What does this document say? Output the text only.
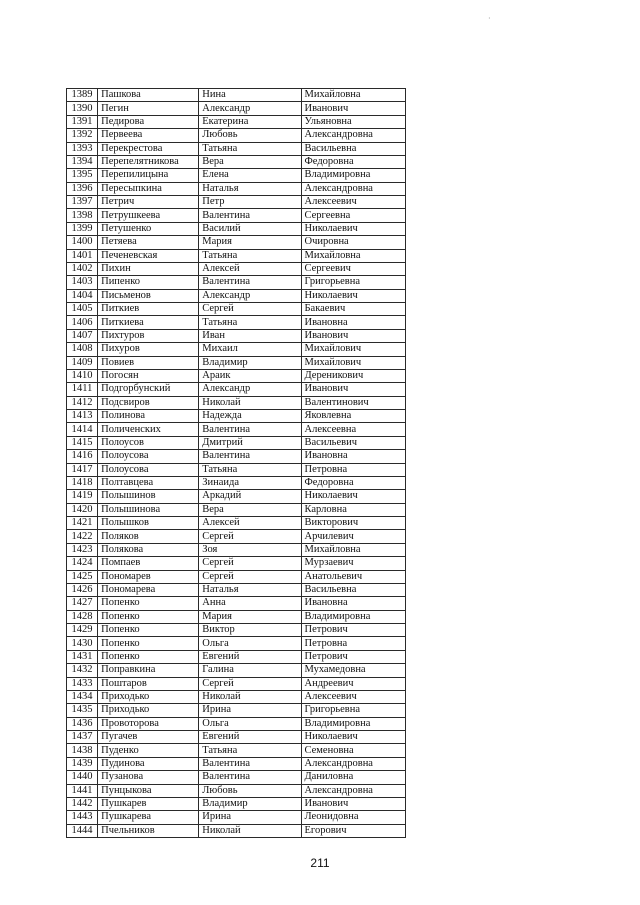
·
1389	Пашкова	Нина	Михайловна
1390	Пегин	Александр	Иванович
1391	Педирова	Екатерина	Ульяновна
1392	Первеева	Любовь	Александровна
1393	Перекрестова	Татьяна	Васильевна
1394	Перепелятникова	Вера	Федоровна
1395	Перепилицына	Елена	Владимировна
1396	Пересыпкина	Наталья	Александровна
1397	Петрич	Петр	Алексеевич
1398	Петрушкеева	Валентина	Сергеевна
1399	Петушенко	Василий	Николаевич
1400	Петяева	Мария	Очировна
1401	Печеневская	Татьяна	Михайловна
1402	Пихин	Алексей	Сергеевич
1403	Пипенко	Валентина	Григорьевна
1404	Письменов	Александр	Николаевич
1405	Питкиев	Сергей	Бакаевич
1406	Питкиева	Татьяна	Ивановна
1407	Пихтуров	Иван	Иванович
1408	Пихуров	Михаил	Михайлович
1409	Повиев	Владимир	Михайлович
1410	Погосян	Араик	Дереникович
1411	Подгорбунский	Александр	Иванович
1412	Подсвиров	Николай	Валентинович
1413	Полинова	Надежда	Яковлевна
1414	Поличенских	Валентина	Алексеевна
1415	Полоусов	Дмитрий	Васильевич
1416	Полоусова	Валентина	Ивановна
1417	Полоусова	Татьяна	Петровна
1418	Полтавцева	Зинаида	Федоровна
1419	Полышинов	Аркадий	Николаевич
1420	Полышинова	Вера	Карловна
1421	Полышков	Алексей	Викторович
1422	Поляков	Сергей	Арчилевич
1423	Полякова	Зоя	Михайловна
1424	Помпаев	Сергей	Мурзаевич
1425	Пономарев	Сергей	Анатольевич
1426	Пономарева	Наталья	Васильевна
1427	Попенко	Анна	Ивановна
1428	Попенко	Мария	Владимировна
1429	Попенко	Виктор	Петрович
1430	Попенко	Ольга	Петровна
1431	Попенко	Евгений	Петрович
1432	Поправкина	Галина	Мухамедовна
1433	Поштаров	Сергей	Андреевич
1434	Приходько	Николай	Алексеевич
1435	Приходько	Ирина	Григорьевна
1436	Провоторова	Ольга	Владимировна
1437	Пугачев	Евгений	Николаевич
1438	Пуденко	Татьяна	Семеновна
1439	Пудинова	Валентина	Александровна
1440	Пузанова	Валентина	Даниловна
1441	Пунцыкова	Любовь	Александровна
1442	Пушкарев	Владимир	Иванович
1443	Пушкарева	Ирина	Леонидовна
1444	Пчельников	Николай	Егорович
211
